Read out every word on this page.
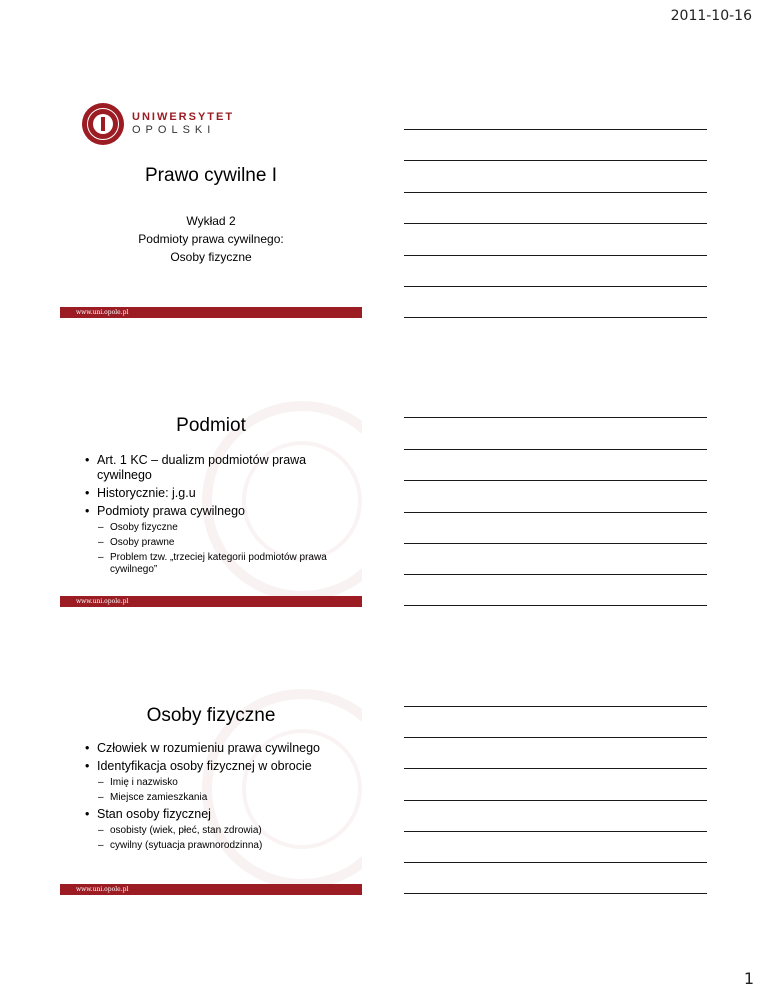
2011-10-16
UNIWERSYTET
OPOLSKI
Prawo cywilne I
Wykład 2
Podmioty prawa cywilnego:
Osoby fizyczne
www.uni.opole.pl
Podmiot
• Art. 1 KC – dualizm podmiotów prawa cywilnego
• Historycznie: j.g.u
• Podmioty prawa cywilnego
– Osoby fizyczne
– Osoby prawne
– Problem tzw. „trzeciej kategorii podmiotów prawa cywilnego”
www.uni.opole.pl
Osoby fizyczne
• Człowiek w rozumieniu prawa cywilnego
• Identyfikacja osoby fizycznej w obrocie
– Imię i nazwisko
– Miejsce zamieszkania
• Stan osoby fizycznej
– osobisty (wiek, płeć, stan zdrowia)
– cywilny (sytuacja prawnorodzinna)
www.uni.opole.pl
1
